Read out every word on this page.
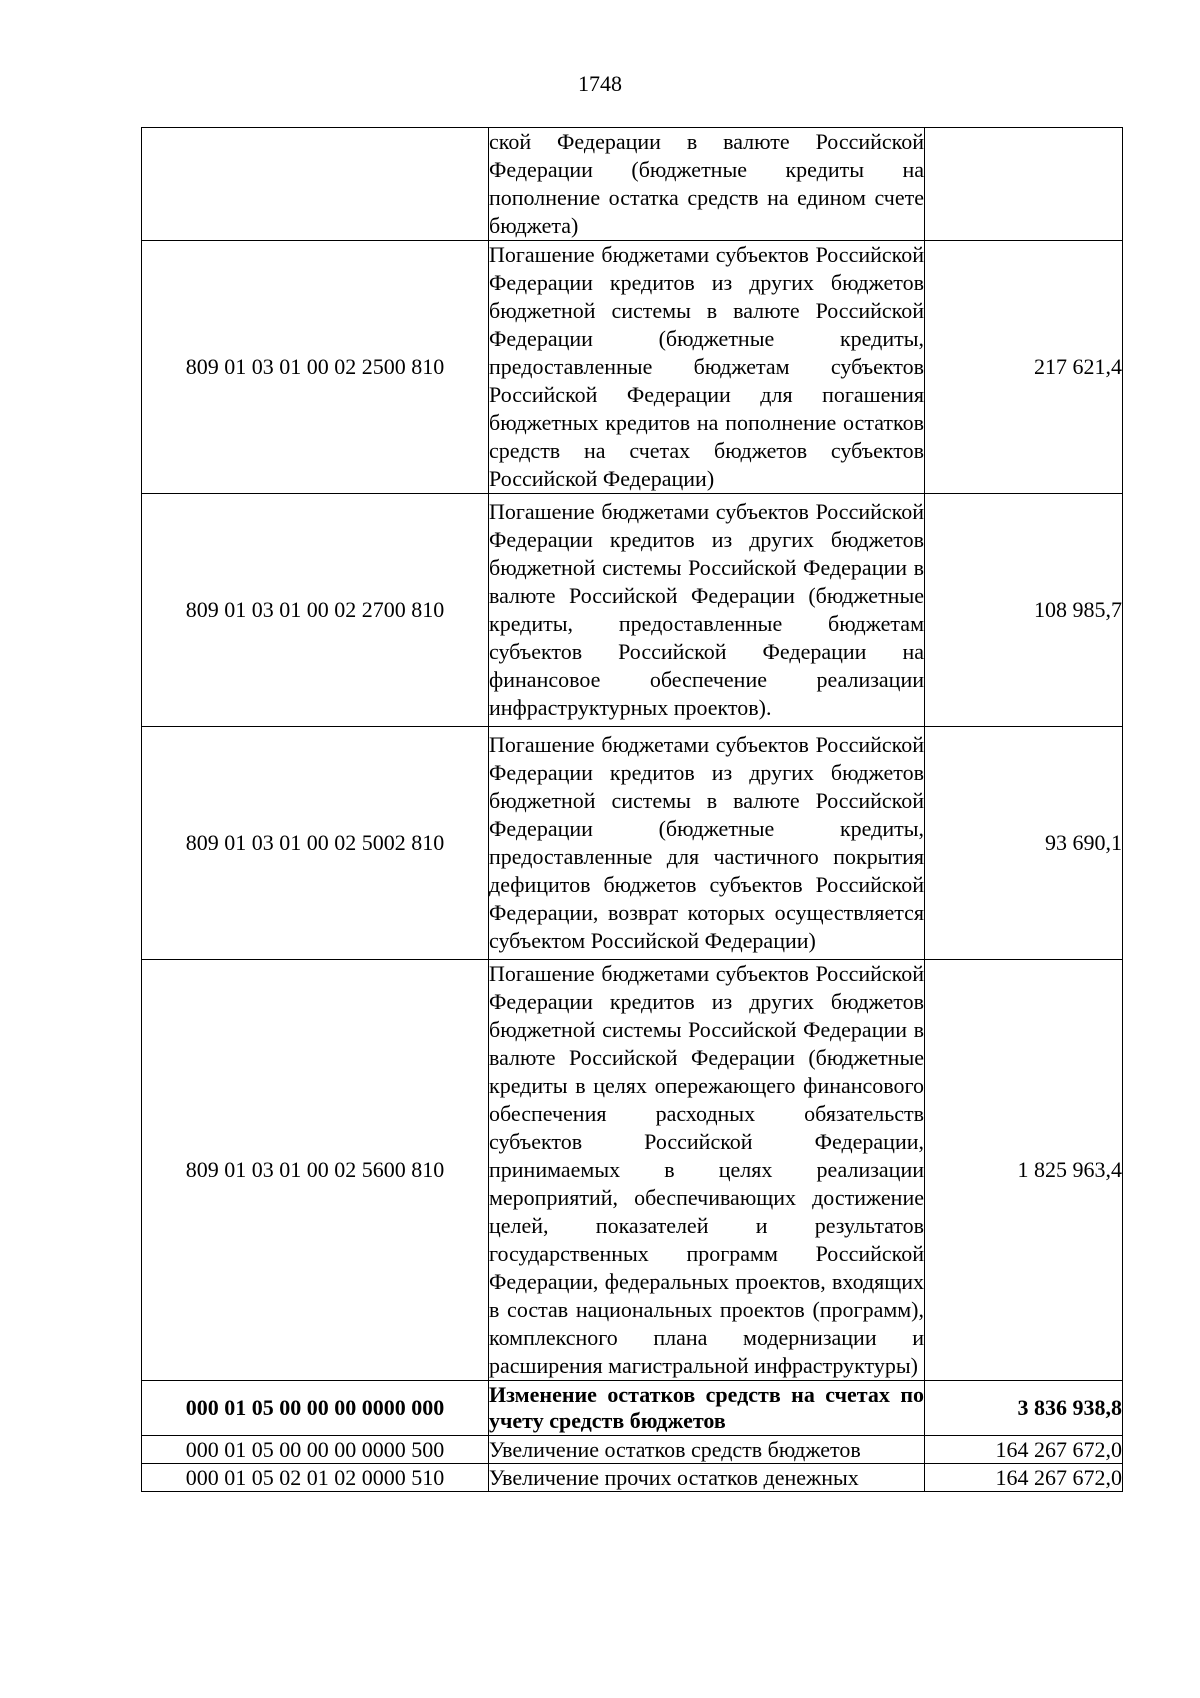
1748
	ской Федерации в валюте Российской Федерации (бюджетные кредиты на пополнение остатка средств на едином счете бюджета)	
809 01 03 01 00 02 2500 810	Погашение бюджетами субъектов Российской Федерации кредитов из других бюджетов бюджетной системы в валюте Российской Федерации (бюджетные кредиты, предоставленные бюджетам субъектов Российской Федерации для погашения бюджетных кредитов на пополнение остатков средств на счетах бюджетов субъектов Российской Федерации)	217 621,4
809 01 03 01 00 02 2700 810	Погашение бюджетами субъектов Российской Федерации кредитов из других бюджетов бюджетной системы Российской Федерации в валюте Российской Федерации (бюджетные кредиты, предоставленные бюджетам субъектов Российской Федерации на финансовое обеспечение реализации инфраструктурных проектов).	108 985,7
809 01 03 01 00 02 5002 810	Погашение бюджетами субъектов Российской Федерации кредитов из других бюджетов бюджетной системы в валюте Российской Федерации (бюджетные кредиты, предоставленные для частичного покрытия дефицитов бюджетов субъектов Российской Федерации, возврат которых осуществляется субъектом Российской Федерации)	93 690,1
809 01 03 01 00 02 5600 810	Погашение бюджетами субъектов Российской Федерации кредитов из других бюджетов бюджетной системы Российской Федерации в валюте Российской Федерации (бюджетные кредиты в целях опережающего финансового обеспечения расходных обязательств субъектов Российской Федерации, принимаемых в целях реализации мероприятий, обеспечивающих достижение целей, показателей и результатов государственных программ Российской Федерации, федеральных проектов, входящих в состав национальных проектов (программ), комплексного плана модернизации и расширения магистральной инфраструктуры)	1 825 963,4
000 01 05 00 00 00 0000 000	Изменение остатков средств на счетах по учету средств бюджетов	3 836 938,8
000 01 05 00 00 00 0000 500	Увеличение остатков средств бюджетов	164 267 672,0
000 01 05 02 01 02 0000 510	Увеличение прочих остатков денежных	164 267 672,0
